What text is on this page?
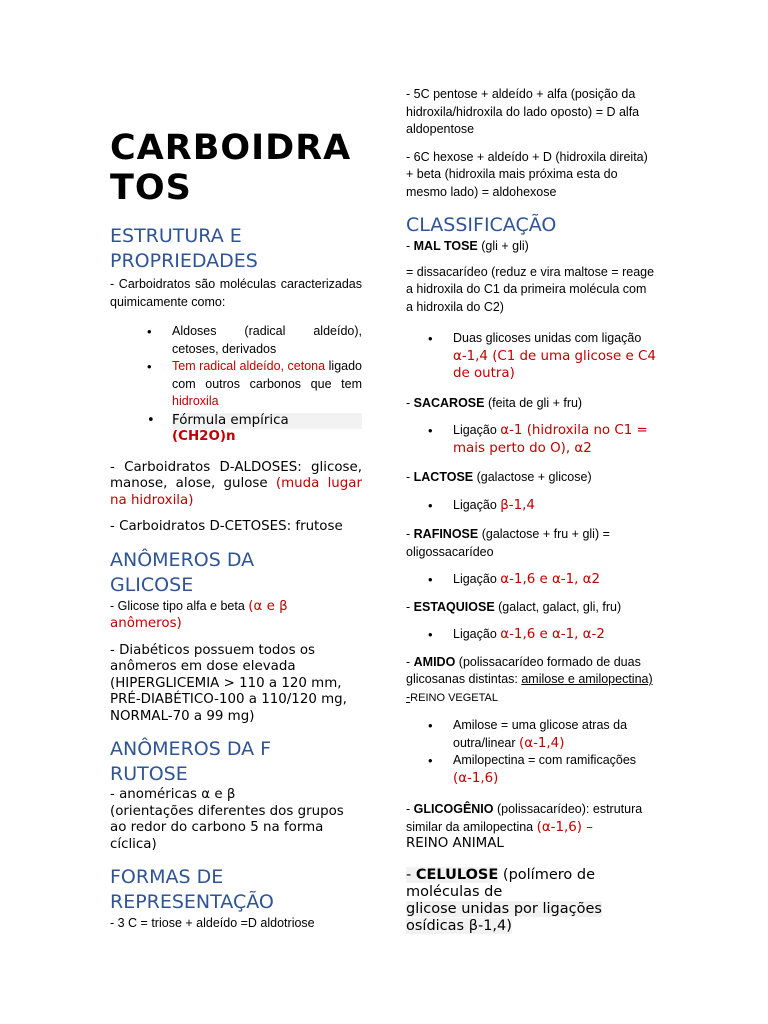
CARBOIDRA
TOS
ESTRUTURA E
PROPRIEDADES

- Carboidratos são moléculas caracterizadas quimicamente como:

• Aldoses (radical aldeído), cetoses, derivados
• Tem radical aldeído, cetona ligado com outros carbonos que tem hidroxila
• Fórmula empírica
(CH2O)n

- Carboidratos D-ALDOSES: glicose, manose, alose, gulose (muda lugar na hidroxila)

- Carboidratos D-CETOSES: frutose

ANÔMEROS DA
GLICOSE

- Glicose tipo alfa e beta (α e β anômeros)

- Diabéticos possuem todos os anômeros em dose elevada (HIPERGLICEMIA > 110 a 120 mm, PRÉ-DIABÉTICO-100 a 110/120 mg, NORMAL-70 a 99 mg)

ANÔMEROS DA F
RUTOSE

- anoméricas α e β

(orientações diferentes dos grupos ao redor do carbono 5 na forma cíclica)

FORMAS DE
REPRESENTAÇÃO

- 3 C = triose + aldeído =D aldotriose

- 5C pentose + aldeído + alfa (posição da hidroxila/hidroxila do lado oposto) = D alfa aldopentose

- 6C hexose + aldeído + D (hidroxila direita) + beta (hidroxila mais próxima esta do mesmo lado) = aldohexose

CLASSIFICAÇÃO

- MAL TOSE (gli + gli)

= dissacarídeo (reduz e vira maltose = reage a hidroxila do C1 da primeira molécula com a hidroxila do C2)

• Duas glicoses unidas com ligação α-1,4 (C1 de uma glicose e C4 de outra)

- SACAROSE (feita de gli + fru)

• Ligação α-1 (hidroxila no C1 = mais perto do O), α2

- LACTOSE (galactose + glicose)

• Ligação β-1,4

- RAFINOSE (galactose + fru + gli) = oligossacarídeo

• Ligação α-1,6 e α-1, α2

- ESTAQUIOSE (galact, galact, gli, fru)

• Ligação α-1,6 e α-1, α-2

- AMIDO (polissacarídeo formado de duas glicosanas distintas: amilose e amilopectina) -REINO VEGETAL

• Amilose = uma glicose atras da outra/linear (α-1,4)
• Amilopectina = com ramificações (α-1,6)

- GLICOGÊNIO (polissacarídeo): estrutura similar da amilopectina (α-1,6) –

REINO ANIMAL

- CELULOSE (polímero de moléculas de
glicose unidas por ligações
osídicas β-1,4)
